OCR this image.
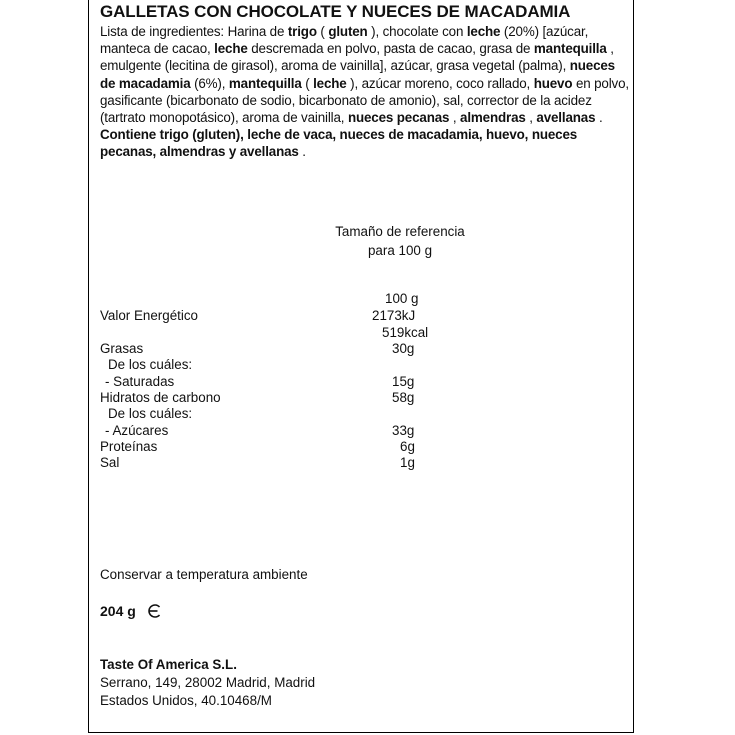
GALLETAS CON CHOCOLATE Y NUECES DE MACADAMIA
Lista de ingredientes: Harina de trigo ( gluten ), chocolate con leche (20%) [azúcar, manteca de cacao, leche descremada en polvo, pasta de cacao, grasa de mantequilla , emulgente (lecitina de girasol), aroma de vainilla], azúcar, grasa vegetal (palma), nueces de macadamia (6%), mantequilla ( leche ), azúcar moreno, coco rallado, huevo en polvo, gasificante (bicarbonato de sodio, bicarbonato de amonio), sal, corrector de la acidez (tartrato monopotásico), aroma de vainilla, nueces pecanas , almendras , avellanas . Contiene trigo (gluten), leche de vaca, nueces de macadamia, huevo, nueces pecanas, almendras y avellanas .
Tamaño de referencia
para 100 g
100 g
Valor Energético	2173kJ
519kcal
Grasas	30g
De los cuáles:
- Saturadas	15g
Hidratos de carbono	58g
De los cuáles:
- Azúcares	33g
Proteínas	6g
Sal	1g
Conservar a temperatura ambiente
204 g
Taste Of America S.L.
Serrano, 149, 28002 Madrid, Madrid
Estados Unidos, 40.10468/M
